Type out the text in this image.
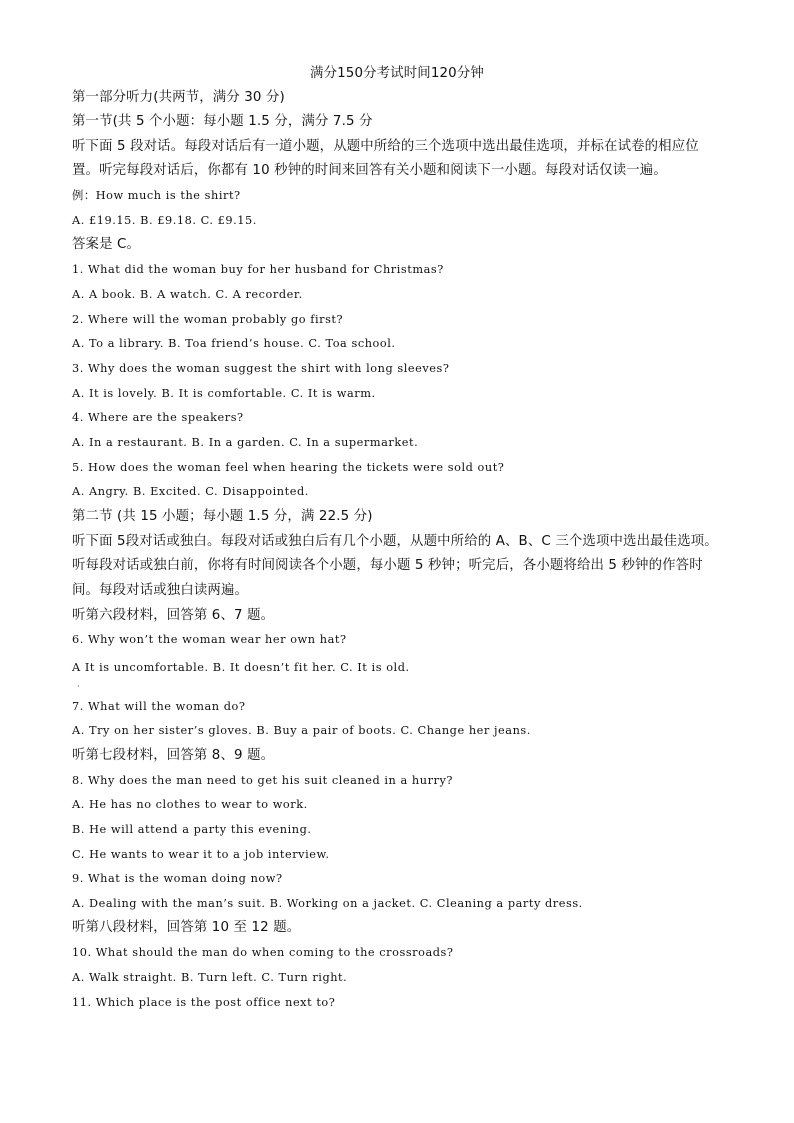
满分150分考试时间120分钟
第一部分听力(共两节，满分 30 分)
第一节(共 5 个小题：每小题 1.5 分，满分 7.5 分
听下面 5 段对话。每段对话后有一道小题，从题中所给的三个选项中选出最佳选项，并标在试卷的相应位
置。听完每段对话后，你都有 10 秒钟的时间来回答有关小题和阅读下一小题。每段对话仅读一遍。
例：How much is the shirt?
A. £19.15. B. £9.18. C. £9.15.
答案是 C。
1. What did the woman buy for her husband for Christmas?
A. A book. B. A watch. C. A recorder.
2. Where will the woman probably go first?
A. To a library. B. Toa friend’s house. C. Toa school.
3. Why does the woman suggest the shirt with long sleeves?
A. It is lovely. B. It is comfortable. C. It is warm.
4. Where are the speakers?
A. In a restaurant. B. In a garden. C. In a supermarket.
5. How does the woman feel when hearing the tickets were sold out?
A. Angry. B. Excited. C. Disappointed.
第二节 (共 15 小题；每小题 1.5 分，满 22.5 分)
听下面 5段对话或独白。每段对话或独白后有几个小题，从题中所给的 A、B、C 三个选项中选出最佳选项。
听每段对话或独白前，你将有时间阅读各个小题，每小题 5 秒钟；听完后，各小题将给出 5 秒钟的作答时
间。每段对话或独白读两遍。
听第六段材料，回答第 6、7 题。
6. Why won’t the woman wear her own hat?
A It is uncomfortable. B. It doesn’t fit her. C. It is old.
7. What will the woman do?
A. Try on her sister’s gloves. B. Buy a pair of boots. C. Change her jeans.
听第七段材料，回答第 8、9 题。
8. Why does the man need to get his suit cleaned in a hurry?
A. He has no clothes to wear to work.
B. He will attend a party this evening.
C. He wants to wear it to a job interview.
9. What is the woman doing now?
A. Dealing with the man’s suit. B. Working on a jacket. C. Cleaning a party dress.
听第八段材料，回答第 10 至 12 题。
10. What should the man do when coming to the crossroads?
A. Walk straight. B. Turn left. C. Turn right.
11. Which place is the post office next to?
·
